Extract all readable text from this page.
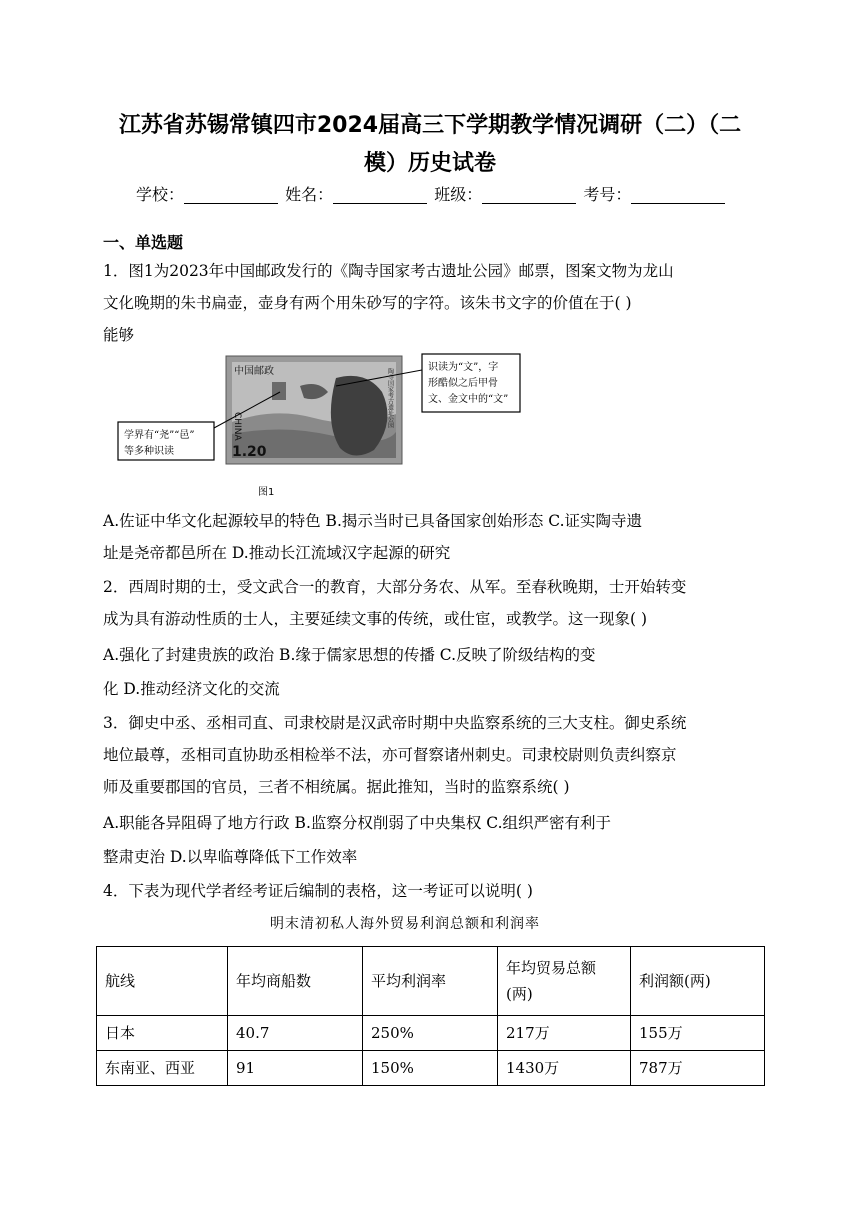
江苏省苏锡常镇四市2024届高三下学期教学情况调研（二）（二
模）历史试卷
学校：	姓名：	班级：	考号：
一、单选题
1．图1为2023年中国邮政发行的《陶寺国家考古遗址公园》邮票，图案文物为龙山
文化晚期的朱书扁壶，壶身有两个用朱砂写的字符。该朱书文字的价值在于( )
能够
中国邮政
CHINA
1.20
陶寺国家考古遗址公园
识读为“文”，字
形酷似之后甲骨
文、金文中的“文”
学界有“尧”“邑”
等多种识读
图1
A.佐证中华文化起源较早的特色 B.揭示当时已具备国家创始形态 C.证实陶寺遗
址是尧帝都邑所在 D.推动长江流域汉字起源的研究
2．西周时期的士，受文武合一的教育，大部分务农、从军。至春秋晚期，士开始转变
成为具有游动性质的士人，主要延续文事的传统，或仕宦，或教学。这一现象( )
A.强化了封建贵族的政治 B.缘于儒家思想的传播 C.反映了阶级结构的变
化 D.推动经济文化的交流
3．御史中丞、丞相司直、司隶校尉是汉武帝时期中央监察系统的三大支柱。御史系统
地位最尊，丞相司直协助丞相检举不法，亦可督察诸州刺史。司隶校尉则负责纠察京
师及重要郡国的官员，三者不相统属。据此推知，当时的监察系统( )
A.职能各异阻碍了地方行政 B.监察分权削弱了中央集权 C.组织严密有利于
整肃吏治 D.以卑临尊降低下工作效率
4．下表为现代学者经考证后编制的表格，这一考证可以说明( )
明末清初私人海外贸易利润总额和利润率
航线	年均商船数	平均利润率	年均贸易总额(两)	利润额(两)
日本	40.7	250%	217万	155万
东南亚、西亚	91	150%	1430万	787万
